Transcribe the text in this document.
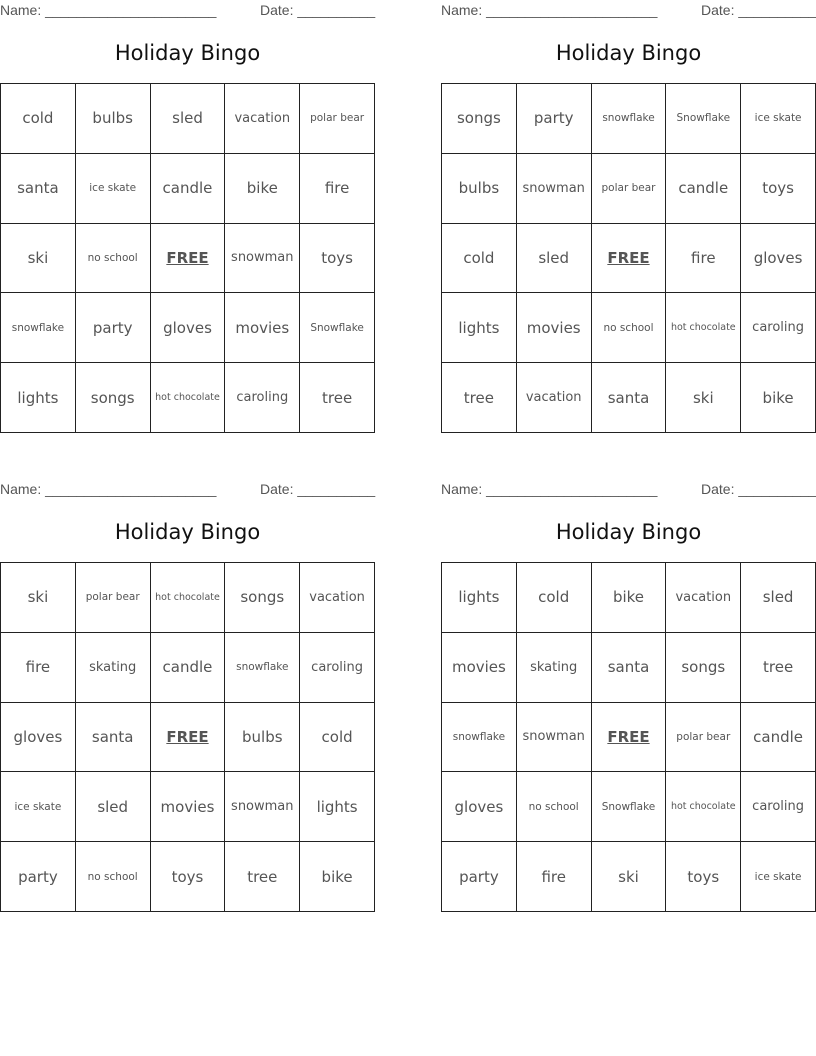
Name: ______________________	Date: __________
Holiday Bingo
cold	bulbs	sled	vacation	polar bear
santa	ice skate	candle	bike	fire
ski	no school	FREE	snowman	toys
snowflake	party	gloves	movies	Snowflake
lights	songs	hot chocolate	caroling	tree
Name: ______________________	Date: __________
Holiday Bingo
songs	party	snowflake	Snowflake	ice skate
bulbs	snowman	polar bear	candle	toys
cold	sled	FREE	fire	gloves
lights	movies	no school	hot chocolate	caroling
tree	vacation	santa	ski	bike
Name: ______________________	Date: __________
Holiday Bingo
ski	polar bear	hot chocolate	songs	vacation
fire	skating	candle	snowflake	caroling
gloves	santa	FREE	bulbs	cold
ice skate	sled	movies	snowman	lights
party	no school	toys	tree	bike
Name: ______________________	Date: __________
Holiday Bingo
lights	cold	bike	vacation	sled
movies	skating	santa	songs	tree
snowflake	snowman	FREE	polar bear	candle
gloves	no school	Snowflake	hot chocolate	caroling
party	fire	ski	toys	ice skate
